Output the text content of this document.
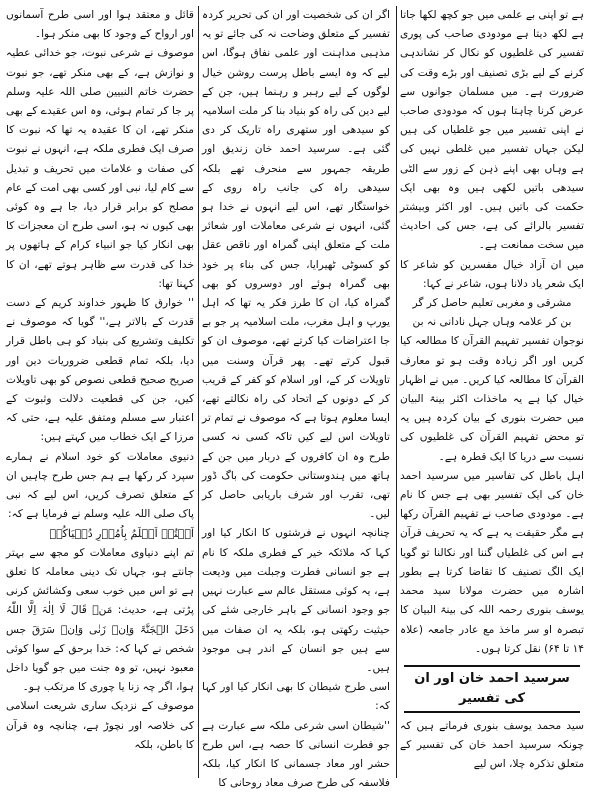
ہے تو اپنی بے علمی میں جو کچھ لکھا جاتا ہے لکھ دیتا ہے مودودی صاحب کی پوری تفسیر کی غلطیوں کو نکال کر نشاندہی کرنے کے لیے بڑی تصنیف اور بڑے وقت کی ضرورت ہے۔ میں مسلمان جوانوں سے عرض کرنا چاہتا ہوں کہ مودودی صاحب نے اپنی تفسیر میں جو غلطیاں کی ہیں لیکن جہاں تفسیر میں غلطی نہیں کی ہے وہاں بھی اپنے ذہن کے زور سے الٹی سیدھی باتیں لکھی ہیں وہ بھی ایک حکمت کی باتیں ہیں۔ اور اکثر وبیشتر تفسیر بالرائے کی ہے، جس کی احادیث میں سخت ممانعت ہے۔

میں ان آزاد خیال مفسرین کو شاعر کا ایک شعر یاد دلانا ہوں، شاعر نے کہا:

مشرقی و مغربی تعلیم حاصل کر گر

بن کر علامہ وہاں جہل نادانی نہ بن

نوجوان تفسیر تفہیم القرآن کا مطالعہ کیا کریں اور اگر زیادہ وقت ہو تو معارف القرآن کا مطالعہ کیا کریں۔ میں نے اظہار خیال کیا ہے یہ ماخذات اکثر بینۃ البیان میں حضرت بنوری کے بیان کردہ ہیں یہ تو محض تفہیم القرآن کی غلطیوں کی نسبت سے دریا کا ایک قطرہ ہے۔

اہل باطل کی تفاسیر میں سرسید احمد خان کی ایک تفسیر بھی ہے جس کا نام ہے۔ مودودی صاحب نے تفہیم القرآن رکھا ہے مگر حقیقت یہ ہے کہ یہ تحریف قرآن ہے اس کی غلطیاں گننا اور نکالنا تو گویا ایک الگ تصنیف کا تقاضا کرتا ہے بطور اشارہ میں حضرت مولانا سید محمد یوسف بنوری رحمہ اللہ کی بینۃ البیان کا تبصرہ او سر ماخذ مع عادر جامعہ (علاہ ۱۴ تا ۶۴) نقل کرتا ہوں۔

سرسید احمد خان اور ان کی تفسیر

سید محمد یوسف بنوری فرماتے ہیں کہ چونکہ سرسید احمد خان کی تفسیر کے متعلق تذکرہ چلا، اس لیے

اگر ان کی شخصیت اور ان کی تحریر کردہ تفسیر کے متعلق وضاحت نہ کی جائے تو یہ مذہبی مداہنت اور علمی نفاق ہوگا، اس لیے کہ وہ ایسے باطل پرست روشن خیال لوگوں کے لیے رہبر و رہنما ہیں، جن کے لیے دین کی راہ کو بنیاد بنا کر ملت اسلامیہ کو سیدھی اور ستھری راہ تاریک کر دی گئی ہے۔ سرسید احمد خان زندیق اور طریقہ جمہور سے منحرف تھے بلکہ سیدھی راہ کی جانب راہ روی کے خواستگار تھے، اس لیے انہوں نے خدا ہو گئی، انہوں نے شرعی معاملات اور شعائر ملت کے متعلق اپنی گمراہ اور ناقص عقل کو کسوٹی ٹھیرایا، جس کی بناء پر خود بھی گمراہ ہوئے اور دوسروں کو بھی گمراہ کیا، ان کا طرز فکر یہ تھا کہ اہل یورپ و اہل مغرب، ملت اسلامیہ پر جو بے جا اعتراضات کیا کرتے تھے، موصوف ان کو قبول کرتے تھے۔ پھر قرآن وسنت میں تاویلات کر کے، اور اسلام کو کفر کے قریب کر کے دونوں کے اتحاد کی راہ نکالتے تھے، ایسا معلوم ہوتا ہے کہ موصوف نے تمام تر تاویلات اس لیے کیں تاکہ کسی نہ کسی طرح وہ ان کافروں کے دربار میں جن کے ہاتھ میں ہندوستانی حکومت کی باگ ڈور تھی، تقرب اور شرف باریابی حاصل کر لیں۔

چنانچہ انہوں نے فرشتوں کا انکار کیا اور کہا کہ ملائکہ خیر کے فطری ملکہ کا نام ہے جو انسانی فطرت وجبلت میں ودیعت ہے، یہ کوئی مستقل عالم سے عبارت نہیں جو وجود انسانی کے باہر خارجی شئے کی حیثیت رکھتی ہو، بلکہ یہ ان صفات میں سے ہیں جو انسان کے اندر ہی موجود ہیں۔

اسی طرح شیطان کا بھی انکار کیا اور کہا کہ:

''شیطان اسی شرعی ملکہ سے عبارت ہے جو فطرت انسانی کا حصہ ہے، اس طرح حشر اور معاد جسمانی کا انکار کیا، بلکہ فلاسفہ کی طرح صرف معاد روحانی کا

قائل و معتقد ہوا اور اسی طرح آسمانوں اور ارواح کے وجود کا بھی منکر ہوا۔

موصوف نے شرعی نبوت، جو خدائی عطیہ و نوازش ہے، کے بھی منکر تھے، جو نبوت حضرت خاتم النبیین صلی اللہ علیہ وسلم پر جا کر تمام ہوئی، وہ اس عقیدے کے بھی منکر تھے، ان کا عقیدہ یہ تھا کہ نبوت کا صرف ایک فطری ملکہ ہے، انہوں نے نبوت کی صفات و علامات میں تحریف و تبدیل سے کام لیا، نبی اور کسی بھی امت کے عام مصلح کو برابر قرار دیا، جا ہے وہ کوئی بھی کیوں نہ ہو، اسی طرح ان معجزات کا بھی انکار کیا جو انبیاء کرام کے ہاتھوں پر خدا کی قدرت سے ظاہر ہوتے تھے، ان کا کہنا تھا:

'' خوارق کا ظہور خداوند کریم کے دست قدرت کے بالاتر ہے،'' گویا کہ موصوف نے تکلیف وتشریع کی بنیاد کو ہی باطل قرار دیا، بلکہ تمام قطعی ضروریات دین اور صریح صحیح قطعی نصوص کو بھی تاویلات کیں، جن کی قطعیت دلالت وثبوت کے اعتبار سے مسلم ومتفق علیہ ہے، حتی کہ مرزا کے ایک خطاب میں کہتے ہیں:

دنیوی معاملات کو خود اسلام نے ہمارے سپرد کر رکھا ہے ہم جس طرح چاہیں ان کے متعلق تصرف کریں، اس لیے کہ نبی پاک صلی اللہ علیہ وسلم نے فرمایا ہے کہ:

اَنۡتُمۡ اَعۡلَمُ بِاُمُوۡرِ دُنۡیَاکُمۡ

تم اپنے دنیاوی معاملات کو مجھ سے بہتر جانتے ہو، جہاں تک دینی معاملہ کا تعلق ہے تو اس میں خوب سعی وکشائش کرنی پڑتی ہے، حدیث: مَنۡ قَالَ لَا اِلٰہَ اِلَّا اللّٰہُ دَخَلَ الۡجَنَّۃَ وَاِنۡ زَنٰی وَاِنۡ سَرَقَ جس شخص نے کہا کہ: خدا برحق کے سوا کوئی معبود نہیں، تو وہ جنت میں جو گویا داخل ہوا، اگر چہ زنا یا چوری کا مرتکب ہو۔

موصوف کے نزدیک ساری شریعت اسلامی کی خلاصہ اور نچوڑ ہے، چنانچہ وہ قرآن کا باطن، بلکہ
